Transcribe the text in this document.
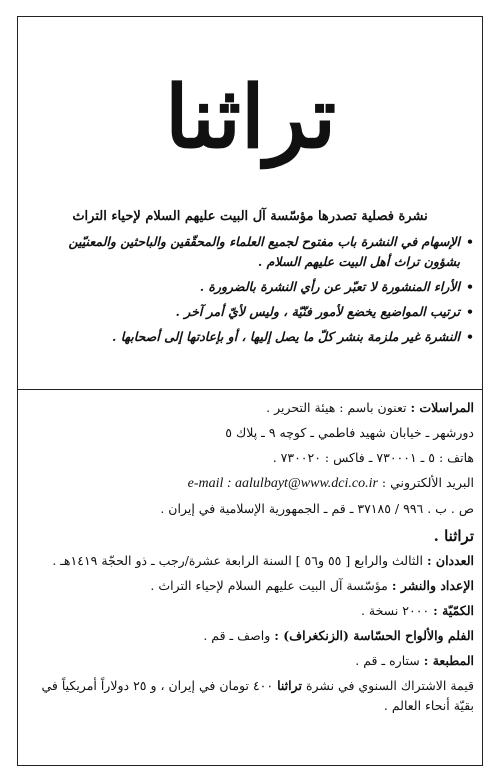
تراثنا
نشرة فصلية تصدرها مؤسّسة آل البيت عليهم السلام لإحياء التراث
• الإسهام في النشرة باب مفتوح لجميع العلماء والمحقّقين والباحثين والمعنيّين بشؤون تراث أهل البيت عليهم السلام .
• الأراء المنشورة لا تعبّر عن رأي النشرة بالضرورة .
• ترتيب المواضيع يخضع لأمور فنّيّة ، وليس لأيّ أمر آخر .
• النشرة غير ملزمة بنشر كلّ ما يصل إليها ، أو بإعادتها إلى أصحابها .
المراسلات : تعنون باسم : هيئة التحرير .
دورشهر ـ خيابان شهيد فاطمي ـ كوچه ٩ ـ پلاك ٥
هاتف : ٥ ـ ٧٣٠٠٠١ ـ فاكس : ٧٣٠٠٢٠ .
البريد الألكتروني : e-mail : aalulbayt@www.dci.co.ir
ص . ب . ٩٩٦ / ٣٧١٨٥ ـ قم ـ الجمهورية الإسلامية في إيران .
تراثنا .
العددان : الثالث والرابع [ ٥٥ و٥٦ ] السنة الرابعة عشرة/رجب ـ ذو الحجّة ١٤١٩هـ .
الإعداد والنشر : مؤسّسة آل البيت عليهم السلام لإحياء التراث .
الكمّيّة : ٢٠٠٠ نسخة .
الفلم والألواح الحسّاسة (الزنكغراف) : واصف ـ قم .
المطبعة : ستاره ـ قم .
قيمة الاشتراك السنوي في نشرة تراثنا ٤٠٠ تومان في إيران ، و ٢٥ دولاراً أمريكياً في بقيّة أنحاء العالم .
